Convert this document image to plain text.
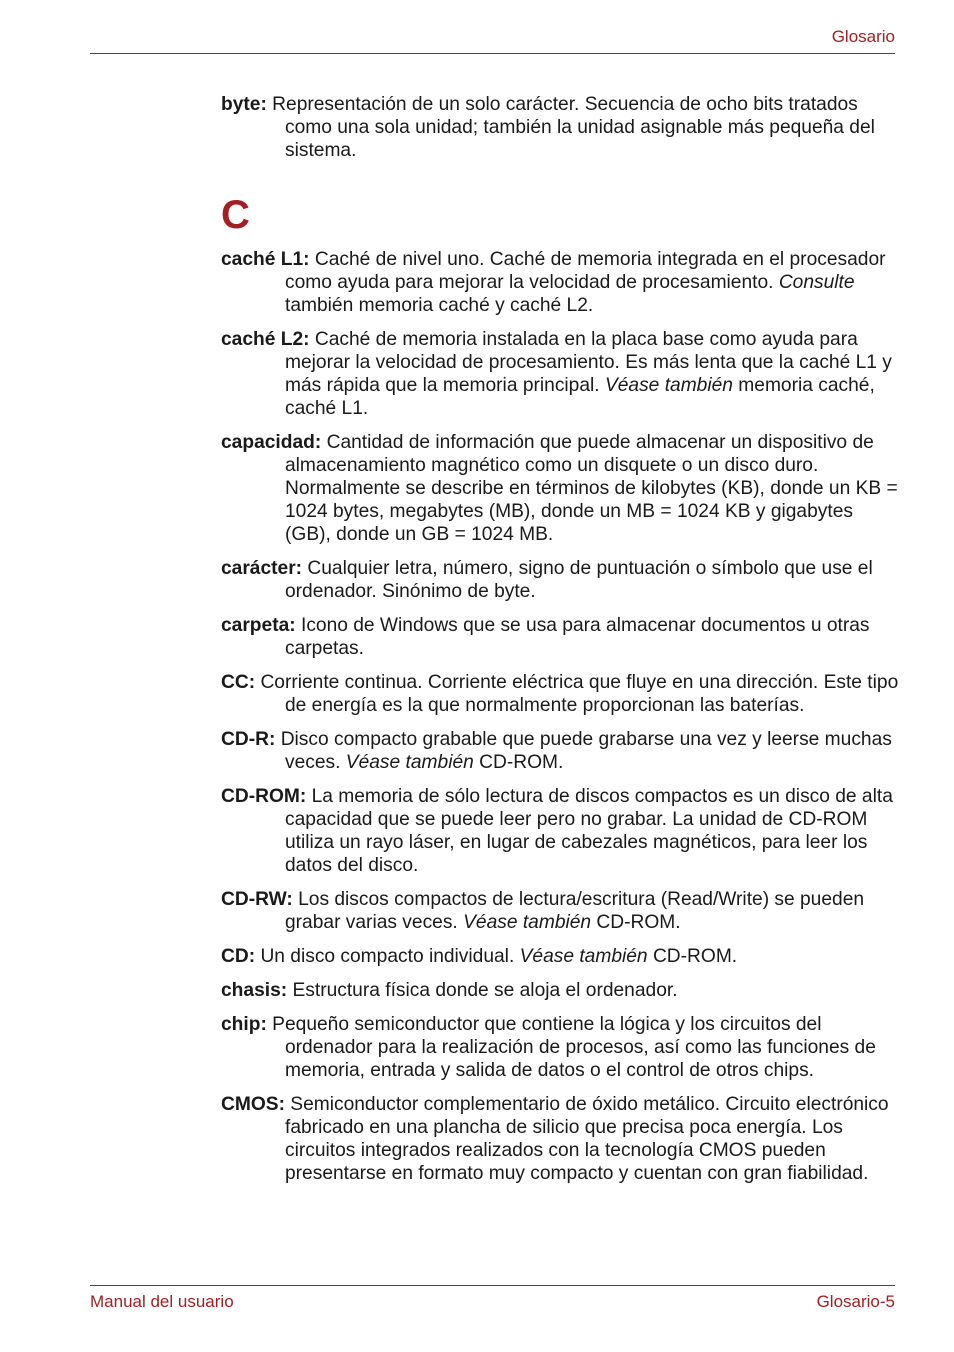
Glosario

byte: Representación de un solo carácter. Secuencia de ocho bits tratados como una sola unidad; también la unidad asignable más pequeña del sistema.

C

caché L1: Caché de nivel uno. Caché de memoria integrada en el procesador como ayuda para mejorar la velocidad de procesamiento. Consulte también memoria caché y caché L2.

caché L2: Caché de memoria instalada en la placa base como ayuda para mejorar la velocidad de procesamiento. Es más lenta que la caché L1 y más rápida que la memoria principal. Véase también memoria caché, caché L1.

capacidad: Cantidad de información que puede almacenar un dispositivo de almacenamiento magnético como un disquete o un disco duro. Normalmente se describe en términos de kilobytes (KB), donde un KB = 1024 bytes, megabytes (MB), donde un MB = 1024 KB y gigabytes (GB), donde un GB = 1024 MB.

carácter: Cualquier letra, número, signo de puntuación o símbolo que use el ordenador. Sinónimo de byte.

carpeta: Icono de Windows que se usa para almacenar documentos u otras carpetas.

CC: Corriente continua. Corriente eléctrica que fluye en una dirección. Este tipo de energía es la que normalmente proporcionan las baterías.

CD-R: Disco compacto grabable que puede grabarse una vez y leerse muchas veces. Véase también CD-ROM.

CD-ROM: La memoria de sólo lectura de discos compactos es un disco de alta capacidad que se puede leer pero no grabar. La unidad de CD-ROM utiliza un rayo láser, en lugar de cabezales magnéticos, para leer los datos del disco.

CD-RW: Los discos compactos de lectura/escritura (Read/Write) se pueden grabar varias veces. Véase también CD-ROM.

CD: Un disco compacto individual. Véase también CD-ROM.

chasis: Estructura física donde se aloja el ordenador.

chip: Pequeño semiconductor que contiene la lógica y los circuitos del ordenador para la realización de procesos, así como las funciones de memoria, entrada y salida de datos o el control de otros chips.

CMOS: Semiconductor complementario de óxido metálico. Circuito electrónico fabricado en una plancha de silicio que precisa poca energía. Los circuitos integrados realizados con la tecnología CMOS pueden presentarse en formato muy compacto y cuentan con gran fiabilidad.

Manual del usuario	Glosario-5
